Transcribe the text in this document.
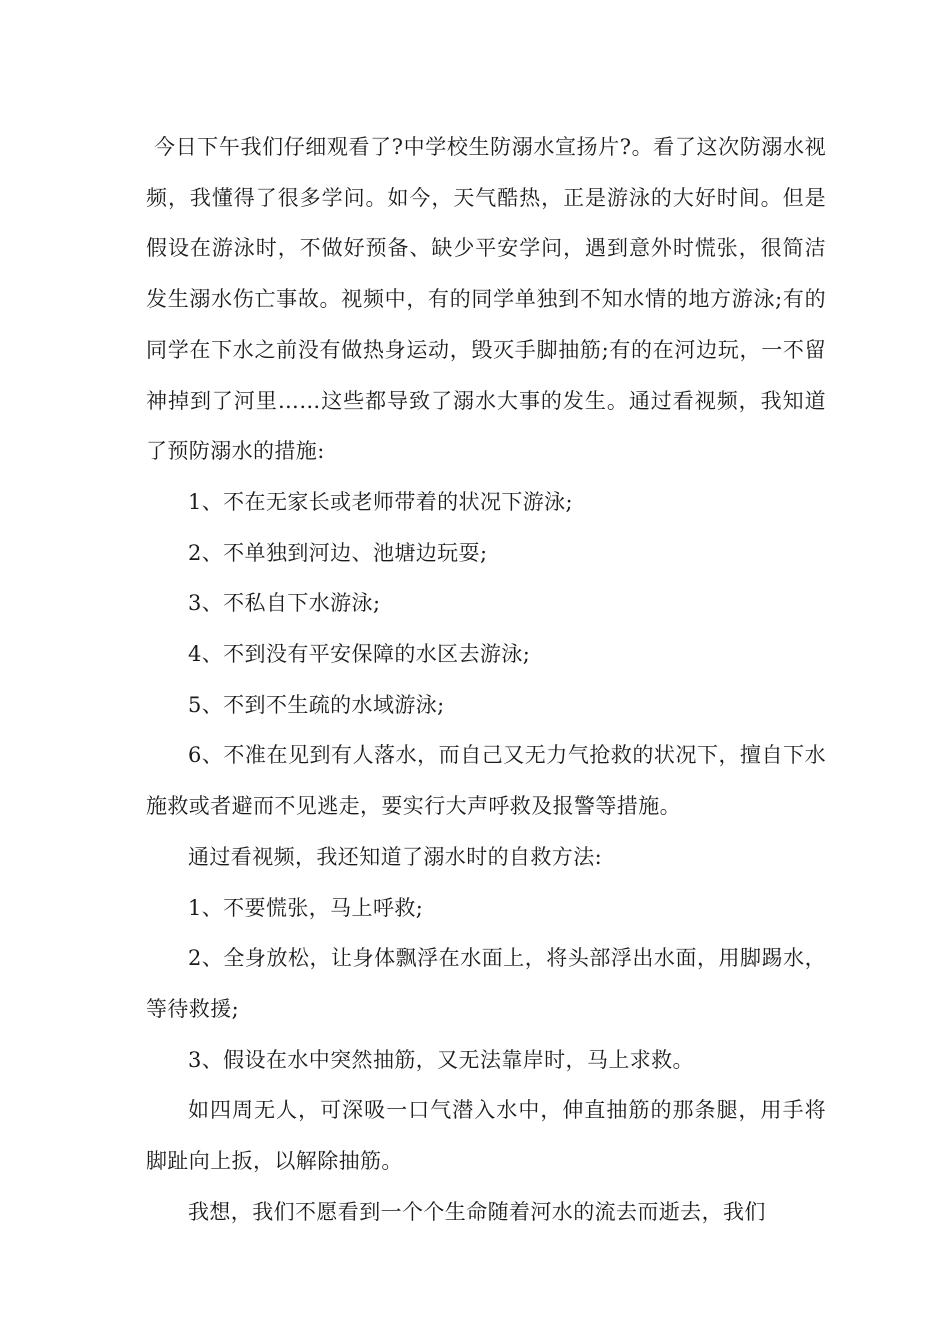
今日下午我们仔细观看了?中学校生防溺水宣扬片?。看了这次防溺水视频，我懂得了很多学问。如今，天气酷热，正是游泳的大好时间。但是假设在游泳时，不做好预备、缺少平安学问，遇到意外时慌张，很简洁发生溺水伤亡事故。视频中，有的同学单独到不知水情的地方游泳;有的同学在下水之前没有做热身运动，毁灭手脚抽筋;有的在河边玩，一不留神掉到了河里……这些都导致了溺水大事的发生。通过看视频，我知道了预防溺水的措施:

1、不在无家长或老师带着的状况下游泳;

2、不单独到河边、池塘边玩耍;

3、不私自下水游泳;

4、不到没有平安保障的水区去游泳;

5、不到不生疏的水域游泳;

6、不准在见到有人落水，而自己又无力气抢救的状况下，擅自下水施救或者避而不见逃走，要实行大声呼救及报警等措施。

通过看视频，我还知道了溺水时的自救方法:

1、不要慌张，马上呼救;

2、全身放松，让身体飘浮在水面上，将头部浮出水面，用脚踢水，等待救援;

3、假设在水中突然抽筋，又无法靠岸时，马上求救。

如四周无人，可深吸一口气潜入水中，伸直抽筋的那条腿，用手将脚趾向上扳，以解除抽筋。

我想，我们不愿看到一个个生命随着河水的流去而逝去，我们
